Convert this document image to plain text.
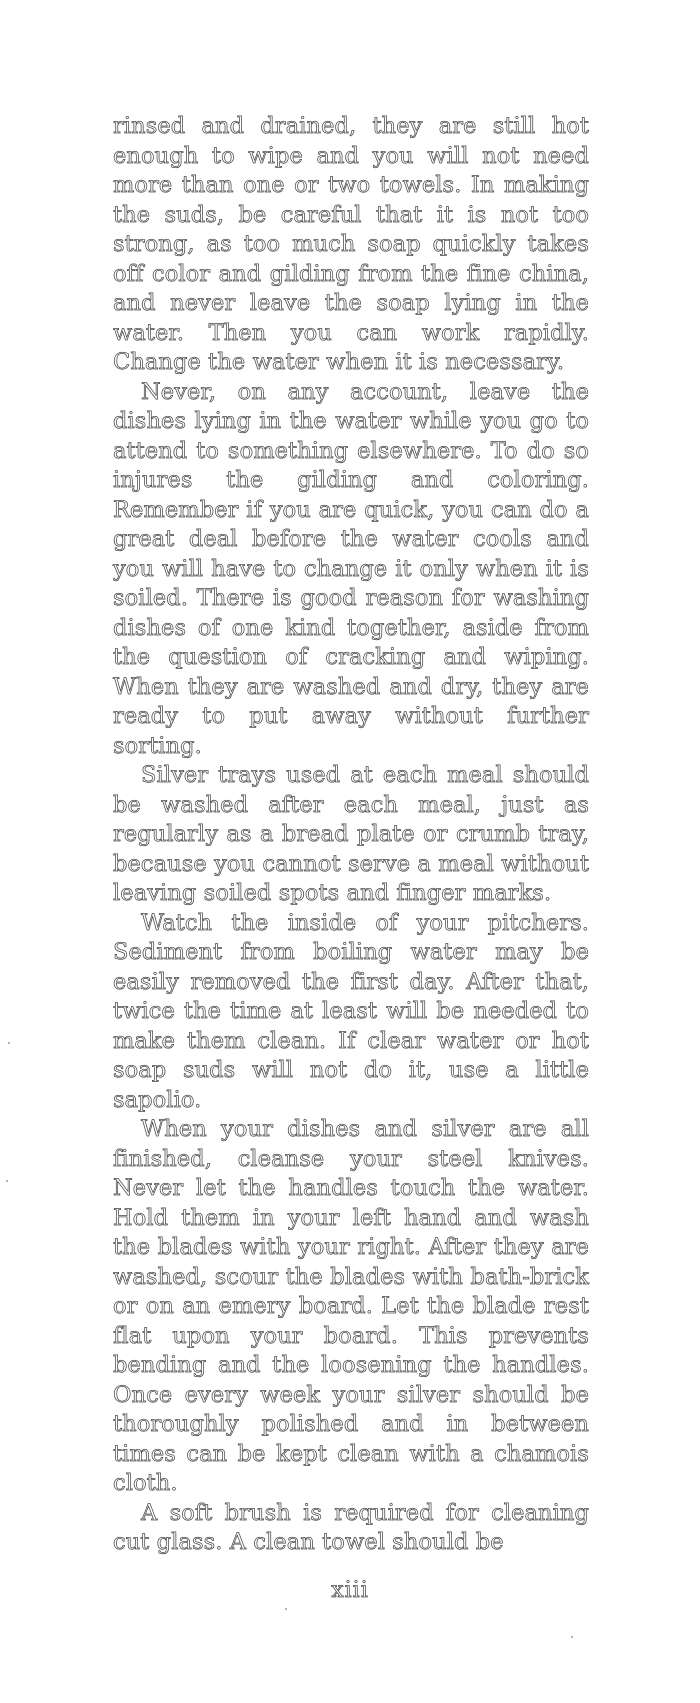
rinsed and drained, they are still hot enough to wipe and you will not need more than one or two towels. In making the suds, be careful that it is not too strong, as too much soap quickly takes off color and gilding from the fine china, and never leave the soap lying in the water. Then you can work rapidly. Change the water when it is necessary.

Never, on any account, leave the dishes lying in the water while you go to attend to something elsewhere. To do so injures the gilding and coloring. Remember if you are quick, you can do a great deal before the water cools and you will have to change it only when it is soiled. There is good reason for washing dishes of one kind together, aside from the question of cracking and wiping. When they are washed and dry, they are ready to put away without further sorting.

Silver trays used at each meal should be washed after each meal, just as regularly as a bread plate or crumb tray, because you cannot serve a meal without leaving soiled spots and finger marks.

Watch the inside of your pitchers. Sediment from boiling water may be easily removed the first day. After that, twice the time at least will be needed to make them clean. If clear water or hot soap suds will not do it, use a little sapolio.

When your dishes and silver are all finished, cleanse your steel knives. Never let the handles touch the water. Hold them in your left hand and wash the blades with your right. After they are washed, scour the blades with bath-brick or on an emery board. Let the blade rest flat upon your board. This prevents bending and the loosening the handles. Once every week your silver should be thoroughly polished and in between times can be kept clean with a chamois cloth.

A soft brush is required for cleaning cut glass. A clean towel should be

xiii
